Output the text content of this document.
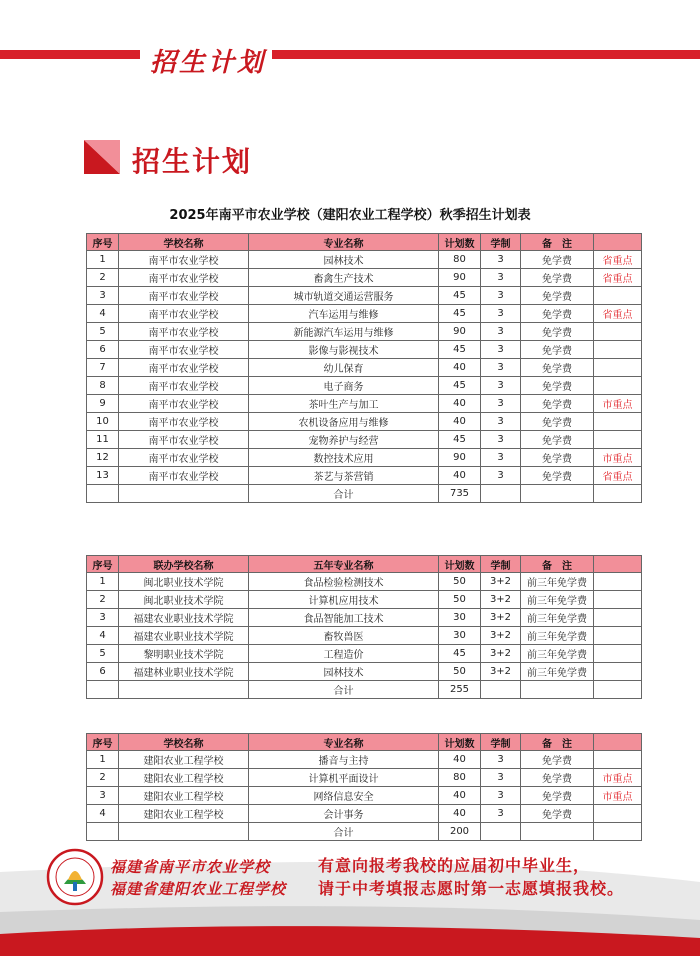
招生计划
招生计划
2025年南平市农业学校（建阳农业工程学校）秋季招生计划表
序号	学校名称	专业名称	计划数	学制	备　注	
1	南平市农业学校	园林技术	80	3	免学费	省重点
2	南平市农业学校	畜禽生产技术	90	3	免学费	省重点
3	南平市农业学校	城市轨道交通运营服务	45	3	免学费	
4	南平市农业学校	汽车运用与维修	45	3	免学费	省重点
5	南平市农业学校	新能源汽车运用与维修	90	3	免学费	
6	南平市农业学校	影像与影视技术	45	3	免学费	
7	南平市农业学校	幼儿保育	40	3	免学费	
8	南平市农业学校	电子商务	45	3	免学费	
9	南平市农业学校	茶叶生产与加工	40	3	免学费	市重点
10	南平市农业学校	农机设备应用与维修	40	3	免学费	
11	南平市农业学校	宠物养护与经营	45	3	免学费	
12	南平市农业学校	数控技术应用	90	3	免学费	市重点
13	南平市农业学校	茶艺与茶营销	40	3	免学费	省重点
		合计	735			
序号	联办学校名称	五年专业名称	计划数	学制	备　注	
1	闽北职业技术学院	食品检验检测技术	50	3+2	前三年免学费	
2	闽北职业技术学院	计算机应用技术	50	3+2	前三年免学费	
3	福建农业职业技术学院	食品智能加工技术	30	3+2	前三年免学费	
4	福建农业职业技术学院	畜牧兽医	30	3+2	前三年免学费	
5	黎明职业技术学院	工程造价	45	3+2	前三年免学费	
6	福建林业职业技术学院	园林技术	50	3+2	前三年免学费	
		合计	255			
序号	学校名称	专业名称	计划数	学制	备　注	
1	建阳农业工程学校	播音与主持	40	3	免学费	
2	建阳农业工程学校	计算机平面设计	80	3	免学费	市重点
3	建阳农业工程学校	网络信息安全	40	3	免学费	市重点
4	建阳农业工程学校	会计事务	40	3	免学费	
		合计	200			
福建省南平市农业学校
福建省建阳农业工程学校
有意向报考我校的应届初中毕业生，
请于中考填报志愿时第一志愿填报我校。
